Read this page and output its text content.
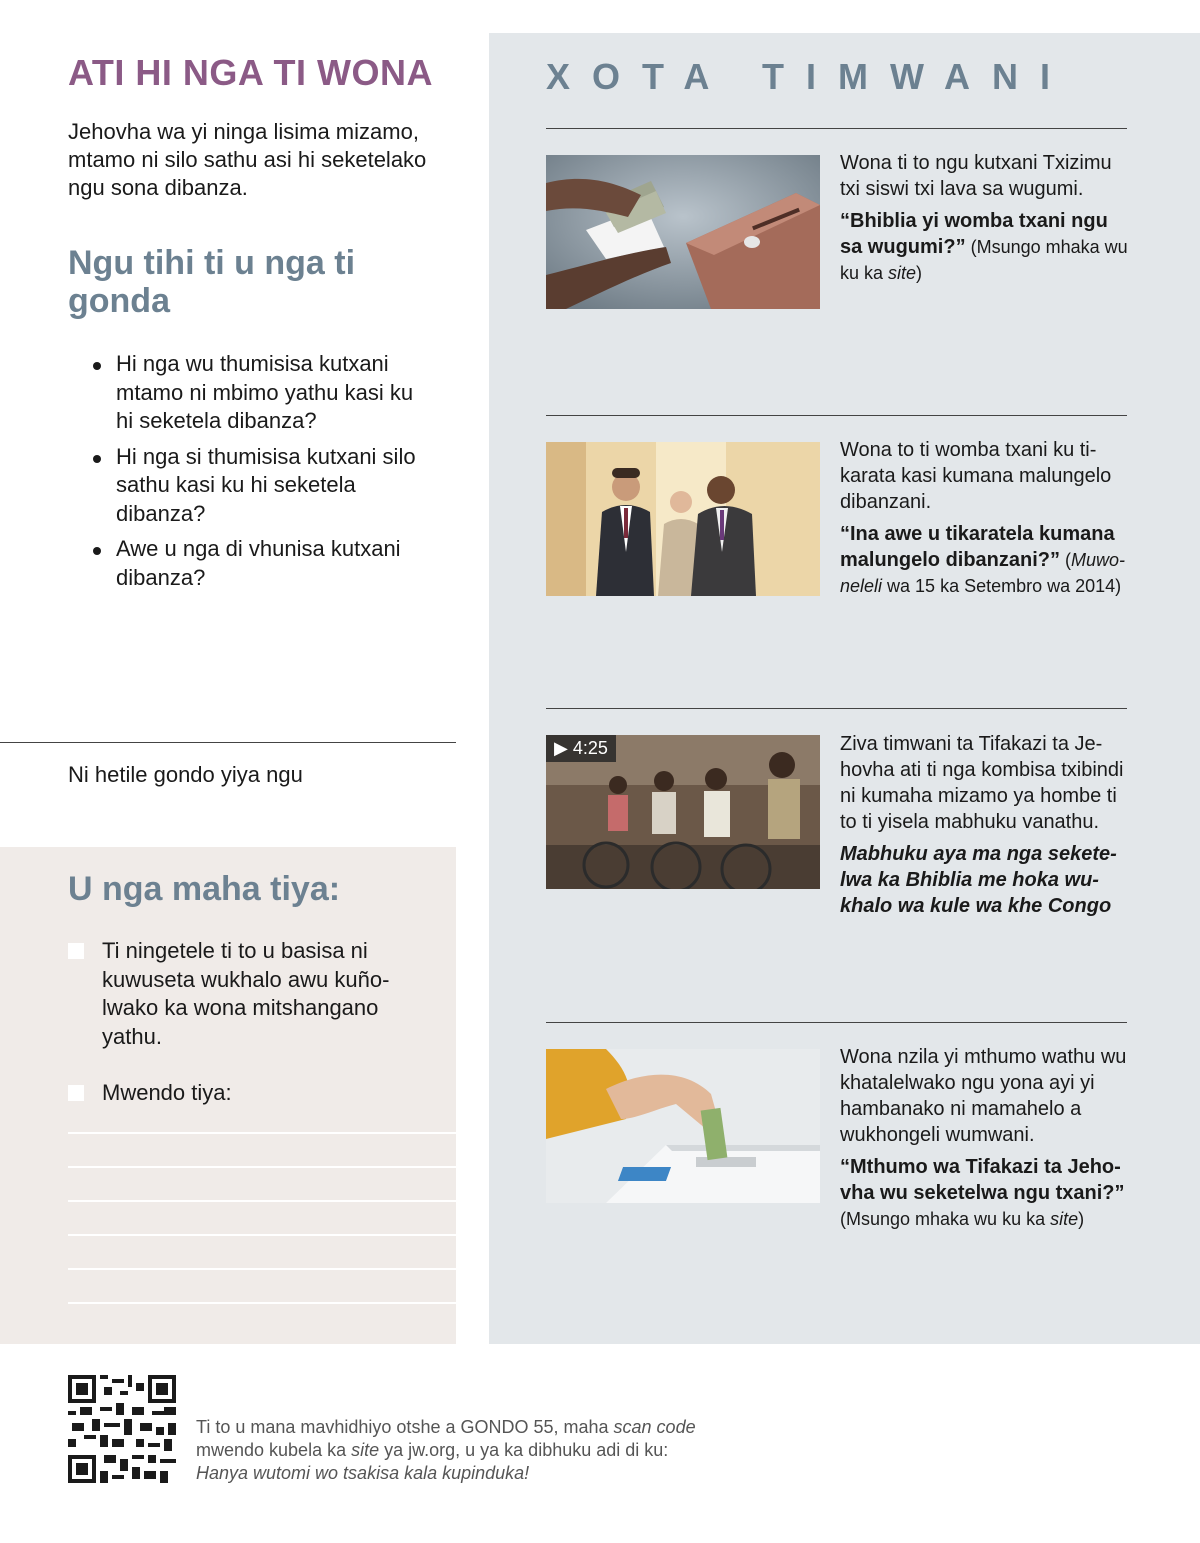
ATI HI NGA TI WONA

Jehovha wa yi ninga lisima mizamo, mtamo ni silo sathu asi hi seketelako ngu sona dibanza.

Ngu tihi ti u nga ti gonda
Hi nga wu thumisisa kutxani mtamo ni mbimo yathu kasi ku hi seketela dibanza?
Hi nga si thumisisa kutxani silo sathu kasi ku hi seketela dibanza?
Awe u nga di vhunisa kutxani dibanza?

Ni hetile gondo yiya ngu

U nga maha tiya:

Ti ningetele ti to u basisa ni kuwuseta wukhalo awu kuñolwako ka wona mitshangano yathu.

Mwendo tiya:

XOTA TIMWANI

Wona ti to ngu kutxani Txizimu txi siswi txi lava sa wugumi.

“Bhiblia yi womba txani ngu sa wugumi?” (Msungo mhaka wu ku ka site)

Wona to ti womba txani ku tikarata kasi kumana malungelo dibanzani.

“Ina awe u tikaratela kumana malungelo dibanzani?” (Muwoneleli wa 15 ka Setembro wa 2014)

▶ 4:25	Ziva timwani ta Tifakazi ta Jehovha ati ti nga kombisa txibindi ni kumaha mizamo ya hombe ti to ti yisela mabhuku vanathu.

Mabhuku aya ma nga seketelwa ka Bhiblia me hoka wukhalo wa kule wa khe Congo

Wona nzila yi mthumo wathu wu khatalelwako ngu yona ayi yi hambanako ni mamahelo a wukhongeli wumwani.

“Mthumo wa Tifakazi ta Jehovha wu seketelwa ngu txani?” (Msungo mhaka wu ku ka site)

Ti to u mana mavhidhiyo otshe a GONDO 55, maha scan code mwendo kubela ka site ya jw.org, u ya ka dibhuku adi di ku: Hanya wutomi wo tsakisa kala kupinduka!
